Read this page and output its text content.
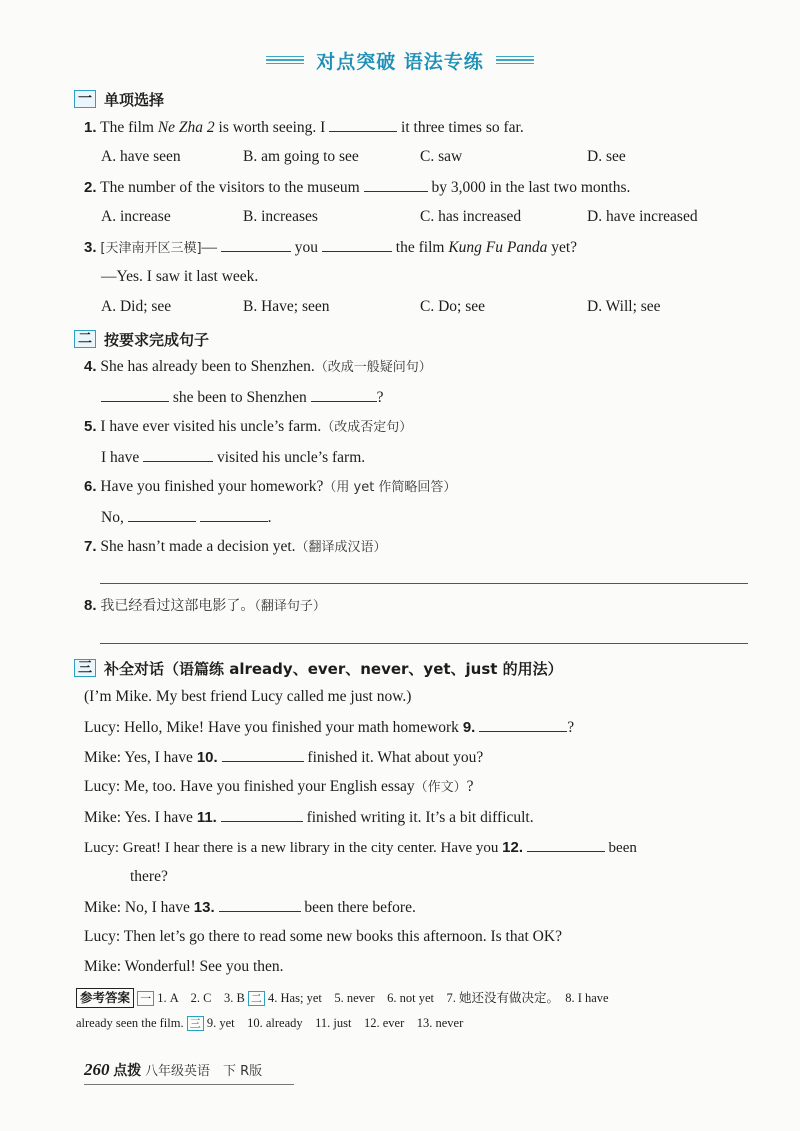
对点突破 语法专练
一 单项选择
1. The film Ne Zha 2 is worth seeing. I	it three times so far.
A. have seen	B. am going to see	C. saw	D. see
2. The number of the visitors to the museum	by 3,000 in the last two months.
A. increase	B. increases	C. has increased	D. have increased
3. [天津南开区三模]—	you	the film Kung Fu Panda yet?
—Yes. I saw it last week.
A. Did; see	B. Have; seen	C. Do; see	D. Will; see
二 按要求完成句子
4. She has already been to Shenzhen.（改成一般疑问句）
she been to Shenzhen	?
5. I have ever visited his uncle’s farm.（改成否定句）
I have	visited his uncle’s farm.
6. Have you finished your homework?（用 yet 作简略回答）
No,	.
7. She hasn’t made a decision yet.（翻译成汉语）
8. 我已经看过这部电影了。（翻译句子）
三 补全对话（语篇练 already、ever、never、yet、just 的用法）
(I’m Mike. My best friend Lucy called me just now.)
Lucy: Hello, Mike! Have you finished your math homework 9.	?
Mike: Yes, I have 10.	finished it. What about you?
Lucy: Me, too. Have you finished your English essay（作文）?
Mike: Yes. I have 11.	finished writing it. It’s a bit difficult.
Lucy: Great! I hear there is a new library in the city center. Have you 12.	been
there?
Mike: No, I have 13.	been there before.
Lucy: Then let’s go there to read some new books this afternoon. Is that OK?
Mike: Wonderful! See you then.
参考答案 一 1. A　2. C　3. B 二 4. Has; yet　5. never　6. not yet　7. 她还没有做决定。　8. I have
already seen the film. 三 9. yet　10. already　11. just　12. ever　13. never
260 点拨 八年级英语　下 R版
